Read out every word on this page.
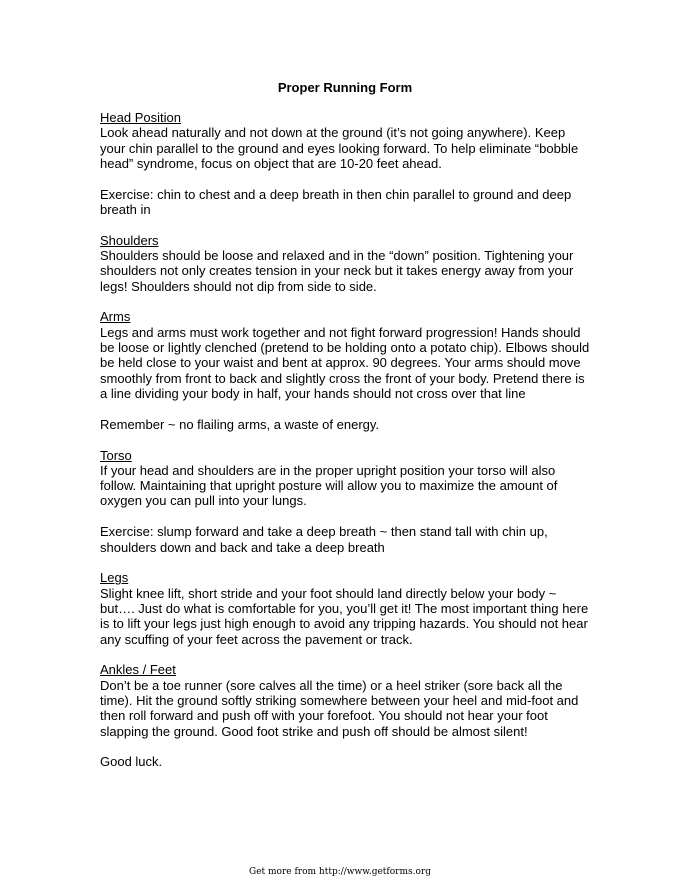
Proper Running Form
Head Position

Look ahead naturally and not down at the ground (it’s not going anywhere). Keep your chin parallel to the ground and eyes looking forward. To help eliminate “bobble head” syndrome, focus on object that are 10-20 feet ahead.

Exercise: chin to chest and a deep breath in then chin parallel to ground and deep breath in

Shoulders

Shoulders should be loose and relaxed and in the “down” position. Tightening your shoulders not only creates tension in your neck but it takes energy away from your legs! Shoulders should not dip from side to side.

Arms

Legs and arms must work together and not fight forward progression! Hands should be loose or lightly clenched (pretend to be holding onto a potato chip). Elbows should be held close to your waist and bent at approx. 90 degrees. Your arms should move smoothly from front to back and slightly cross the front of your body. Pretend there is a line dividing your body in half, your hands should not cross over that line

Remember ~ no flailing arms, a waste of energy.

Torso

If your head and shoulders are in the proper upright position your torso will also follow. Maintaining that upright posture will allow you to maximize the amount of oxygen you can pull into your lungs.

Exercise: slump forward and take a deep breath ~ then stand tall with chin up, shoulders down and back and take a deep breath

Legs

Slight knee lift, short stride and your foot should land directly below your body ~ but…. Just do what is comfortable for you, you’ll get it! The most important thing here is to lift your legs just high enough to avoid any tripping hazards. You should not hear any scuffing of your feet across the pavement or track.

Ankles / Feet

Don’t be a toe runner (sore calves all the time) or a heel striker (sore back all the time). Hit the ground softly striking somewhere between your heel and mid-foot and then roll forward and push off with your forefoot. You should not hear your foot slapping the ground. Good foot strike and push off should be almost silent!

Good luck.

Get more from http://www.getforms.org
